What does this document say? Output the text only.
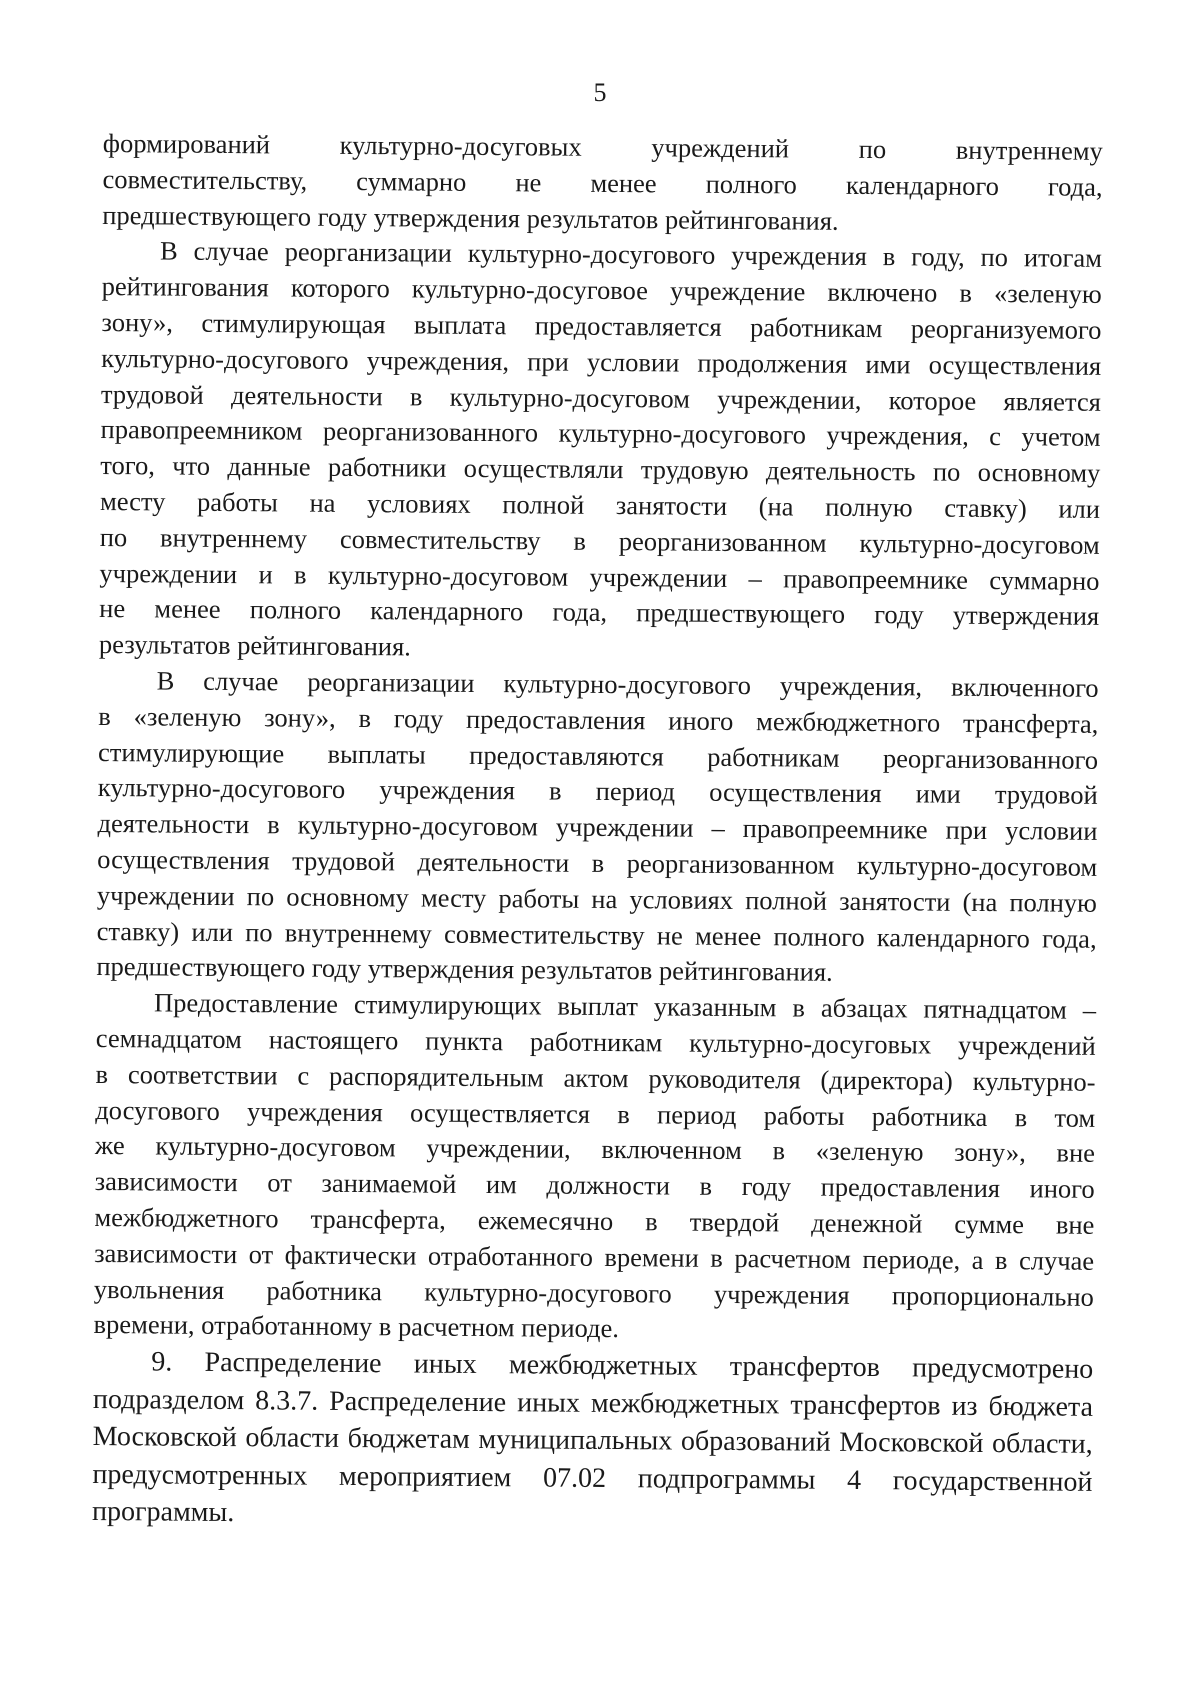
5
формирований культурно-досуговых учреждений по внутреннему
совместительству, суммарно не менее полного календарного года,
предшествующего году утверждения результатов рейтингования.
В случае реорганизации культурно-досугового учреждения в году, по итогам
рейтингования которого культурно-досуговое учреждение включено в «зеленую
зону», стимулирующая выплата предоставляется работникам реорганизуемого
культурно-досугового учреждения, при условии продолжения ими осуществления
трудовой деятельности в культурно-досуговом учреждении, которое является
правопреемником реорганизованного культурно-досугового учреждения, с учетом
того, что данные работники осуществляли трудовую деятельность по основному
месту работы на условиях полной занятости (на полную ставку) или
по внутреннему совместительству в реорганизованном культурно-досуговом
учреждении и в культурно-досуговом учреждении – правопреемнике суммарно
не менее полного календарного года, предшествующего году утверждения
результатов рейтингования.
В случае реорганизации культурно-досугового учреждения, включенного
в «зеленую зону», в году предоставления иного межбюджетного трансферта,
стимулирующие выплаты предоставляются работникам реорганизованного
культурно-досугового учреждения в период осуществления ими трудовой
деятельности в культурно-досуговом учреждении – правопреемнике при условии
осуществления трудовой деятельности в реорганизованном культурно-досуговом
учреждении по основному месту работы на условиях полной занятости (на полную
ставку) или по внутреннему совместительству не менее полного календарного года,
предшествующего году утверждения результатов рейтингования.
Предоставление стимулирующих выплат указанным в абзацах пятнадцатом –
семнадцатом настоящего пункта работникам культурно-досуговых учреждений
в соответствии с распорядительным актом руководителя (директора) культурно-
досугового учреждения осуществляется в период работы работника в том
же культурно-досуговом учреждении, включенном в «зеленую зону», вне
зависимости от занимаемой им должности в году предоставления иного
межбюджетного трансферта, ежемесячно в твердой денежной сумме вне
зависимости от фактически отработанного времени в расчетном периоде, а в случае
увольнения работника культурно-досугового учреждения пропорционально
времени, отработанному в расчетном периоде.
9. Распределение иных межбюджетных трансфертов предусмотрено
подразделом 8.3.7. Распределение иных межбюджетных трансфертов из бюджета
Московской области бюджетам муниципальных образований Московской области,
предусмотренных мероприятием 07.02 подпрограммы 4 государственной
программы.
